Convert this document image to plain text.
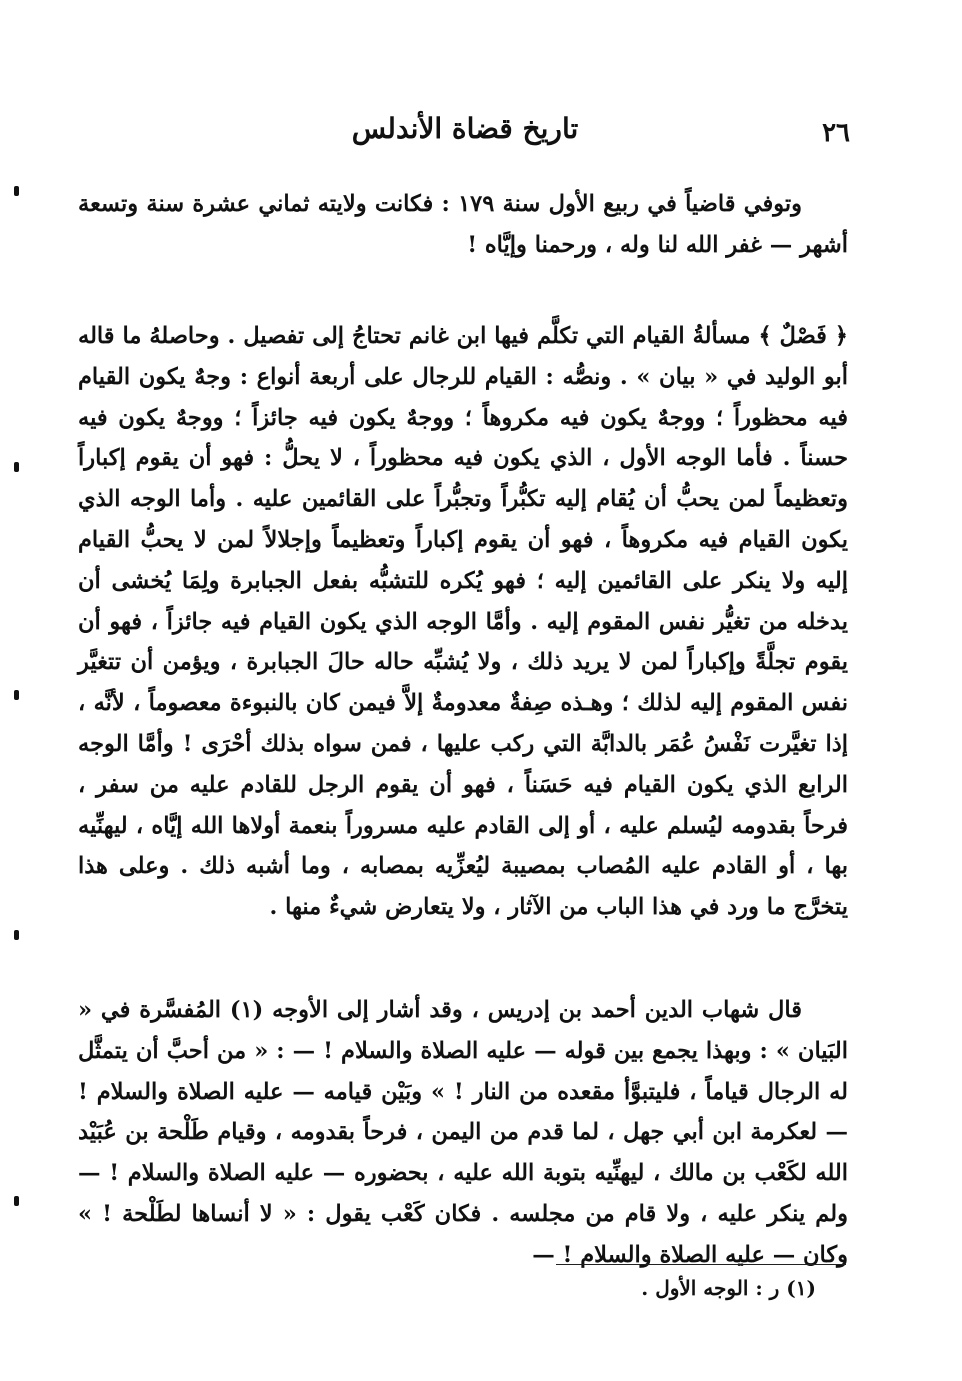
٢٦
تاريخ قضاة الأندلس

وتوفي قاضياً في ربيع الأول سنة ١٧٩ : فكانت ولايته ثماني عشرة سنة وتسعة أشهر — غفر الله لنا وله ، ورحمنا وإيَّاه !

﴿ فَصْلٌ ﴾ مسألةُ القيام التي تكلَّم فيها ابن غانم تحتاجُ إلى تفصيل . وحاصلهُ ما قاله أبو الوليد في « بيان » . ونصُّه : القيام للرجال على أربعة أنواع : وجهٌ يكون القيام فيه محظوراً ؛ ووجهٌ يكون فيه مكروهاً ؛ ووجهٌ يكون فيه جائزاً ؛ ووجهٌ يكون فيه حسناً . فأما الوجه الأول ، الذي يكون فيه محظوراً ، لا يحلُّ : فهو أن يقوم إكباراً وتعظيماً لمن يحبُّ أن يُقام إليه تكبُّراً وتجبُّراً على القائمين عليه . وأما الوجه الذي يكون القيام فيه مكروهاً ، فهو أن يقوم إكباراً وتعظيماً وإجلالاً لمن لا يحبُّ القيام إليه ولا ينكر على القائمين إليه ؛ فهو يُكره للتشبُّه بفعل الجبابرة ولِمَا يُخشى أن يدخله من تغيُّر نفس المقوم إليه . وأمَّا الوجه الذي يكون القيام فيه جائزاً ، فهو أن يقوم تجلَّةً وإكباراً لمن لا يريد ذلك ، ولا يُشبِّه حاله حالَ الجبابرة ، ويؤمن أن تتغيَّر نفس المقوم إليه لذلك ؛ وهـذه صِفةٌ معدومةٌ إلاَّ فيمن كان بالنبوءة معصوماً ، لأنَّه ، إذا تغيَّرت نَفْسُ عُمَر بالدابَّة التي ركب عليها ، فمن سواه بذلك أحْرَى ! وأمَّا الوجه الرابع الذي يكون القيام فيه حَسَناً ، فهو أن يقوم الرجل للقادم عليه من سفر ، فرحاً بقدومه ليُسلم عليه ، أو إلى القادم عليه مسروراً بنعمة أولاها الله إيَّاه ، ليهنِّيه بها ، أو القادم عليه المُصاب بمصيبة ليُعزِّيه بمصابه ، وما أشبه ذلك . وعلى هذا يتخرَّج ما ورد في هذا الباب من الآثار ، ولا يتعارض شيءٌ منها .

قال شهاب الدين أحمد بن إدريس ، وقد أشار إلى الأوجه (١) المُفسَّرة في « البَيان » : وبهذا يجمع بين قوله — عليه الصلاة والسلام ! — : « من أحبَّ أن يتمثَّل له الرجال قياماً ، فليتبوَّأ مقعده من النار ! » وبَيْن قيامه — عليه الصلاة والسلام ! — لعكرمة ابن أبي جهل ، لما قدم من اليمن ، فرحاً بقدومه ، وقيام طَلْحة بن عُبَيْد الله لكَعْب بن مالك ، ليهنِّيه بتوبة الله عليه ، بحضوره — عليه الصلاة والسلام ! — ولم ينكر عليه ، ولا قام من مجلسه . فكان كَعْب يقول : « لا أنساها لطَلْحة ! » وكان — عليه الصلاة والسلام ! —

(١) ر : الوجه الأول .
